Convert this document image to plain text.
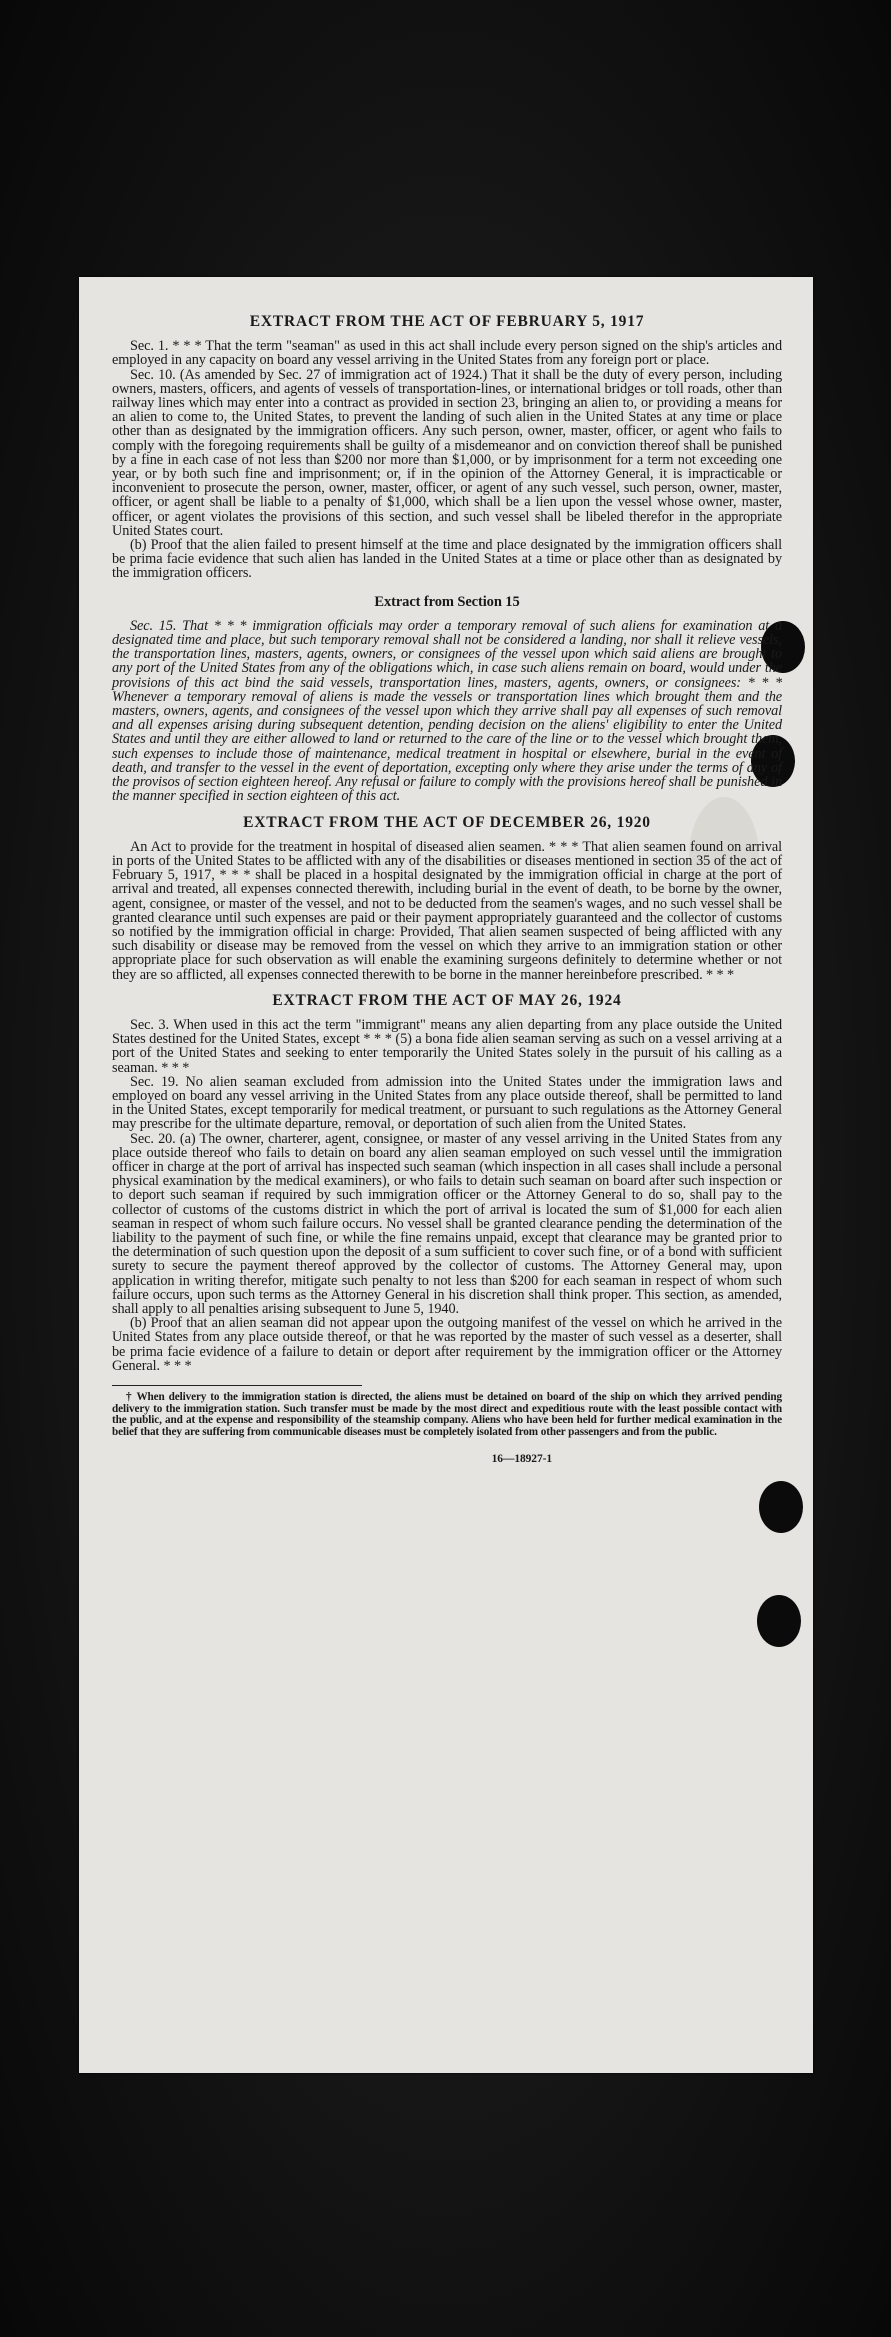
EXTRACT FROM THE ACT OF FEBRUARY 5, 1917

Sec. 1. * * * That the term "seaman" as used in this act shall include every person signed on the ship's articles and employed in any capacity on board any vessel arriving in the United States from any foreign port or place.

Sec. 10. (As amended by Sec. 27 of immigration act of 1924.) That it shall be the duty of every person, including owners, masters, officers, and agents of vessels of transportation-lines, or international bridges or toll roads, other than railway lines which may enter into a contract as provided in section 23, bringing an alien to, or providing a means for an alien to come to, the United States, to prevent the landing of such alien in the United States at any time or place other than as designated by the immigration officers. Any such person, owner, master, officer, or agent who fails to comply with the foregoing requirements shall be guilty of a misdemeanor and on conviction thereof shall be punished by a fine in each case of not less than $200 nor more than $1,000, or by imprisonment for a term not exceeding one year, or by both such fine and imprisonment; or, if in the opinion of the Attorney General, it is impracticable or inconvenient to prosecute the person, owner, master, officer, or agent of any such vessel, such person, owner, master, officer, or agent shall be liable to a penalty of $1,000, which shall be a lien upon the vessel whose owner, master, officer, or agent violates the provisions of this section, and such vessel shall be libeled therefor in the appropriate United States court.

(b) Proof that the alien failed to present himself at the time and place designated by the immigration officers shall be prima facie evidence that such alien has landed in the United States at a time or place other than as designated by the immigration officers.

Extract from Section 15

Sec. 15. That * * * immigration officials may order a temporary removal of such aliens for examination at a designated time and place, but such temporary removal shall not be considered a landing, nor shall it relieve vessels, the transportation lines, masters, agents, owners, or consignees of the vessel upon which said aliens are brought to any port of the United States from any of the obligations which, in case such aliens remain on board, would under the provisions of this act bind the said vessels, transportation lines, masters, agents, owners, or consignees: * * * Whenever a temporary removal of aliens is made the vessels or transportation lines which brought them and the masters, owners, agents, and consignees of the vessel upon which they arrive shall pay all expenses of such removal and all expenses arising during subsequent detention, pending decision on the aliens' eligibility to enter the United States and until they are either allowed to land or returned to the care of the line or to the vessel which brought them, such expenses to include those of maintenance, medical treatment in hospital or elsewhere, burial in the event of death, and transfer to the vessel in the event of deportation, excepting only where they arise under the terms of any of the provisos of section eighteen hereof. Any refusal or failure to comply with the provisions hereof shall be punished in the manner specified in section eighteen of this act.

EXTRACT FROM THE ACT OF DECEMBER 26, 1920

An Act to provide for the treatment in hospital of diseased alien seamen. * * * That alien seamen found on arrival in ports of the United States to be afflicted with any of the disabilities or diseases mentioned in section 35 of the act of February 5, 1917, * * * shall be placed in a hospital designated by the immigration official in charge at the port of arrival and treated, all expenses connected therewith, including burial in the event of death, to be borne by the owner, agent, consignee, or master of the vessel, and not to be deducted from the seamen's wages, and no such vessel shall be granted clearance until such expenses are paid or their payment appropriately guaranteed and the collector of customs so notified by the immigration official in charge: Provided, That alien seamen suspected of being afflicted with any such disability or disease may be removed from the vessel on which they arrive to an immigration station or other appropriate place for such observation as will enable the examining surgeons definitely to determine whether or not they are so afflicted, all expenses connected therewith to be borne in the manner hereinbefore prescribed. * * *

EXTRACT FROM THE ACT OF MAY 26, 1924

Sec. 3. When used in this act the term "immigrant" means any alien departing from any place outside the United States destined for the United States, except * * * (5) a bona fide alien seaman serving as such on a vessel arriving at a port of the United States and seeking to enter temporarily the United States solely in the pursuit of his calling as a seaman. * * *

Sec. 19. No alien seaman excluded from admission into the United States under the immigration laws and employed on board any vessel arriving in the United States from any place outside thereof, shall be permitted to land in the United States, except temporarily for medical treatment, or pursuant to such regulations as the Attorney General may prescribe for the ultimate departure, removal, or deportation of such alien from the United States.

Sec. 20. (a) The owner, charterer, agent, consignee, or master of any vessel arriving in the United States from any place outside thereof who fails to detain on board any alien seaman employed on such vessel until the immigration officer in charge at the port of arrival has inspected such seaman (which inspection in all cases shall include a personal physical examination by the medical examiners), or who fails to detain such seaman on board after such inspection or to deport such seaman if required by such immigration officer or the Attorney General to do so, shall pay to the collector of customs of the customs district in which the port of arrival is located the sum of $1,000 for each alien seaman in respect of whom such failure occurs. No vessel shall be granted clearance pending the determination of the liability to the payment of such fine, or while the fine remains unpaid, except that clearance may be granted prior to the determination of such question upon the deposit of a sum sufficient to cover such fine, or of a bond with sufficient surety to secure the payment thereof approved by the collector of customs. The Attorney General may, upon application in writing therefor, mitigate such penalty to not less than $200 for each seaman in respect of whom such failure occurs, upon such terms as the Attorney General in his discretion shall think proper. This section, as amended, shall apply to all penalties arising subsequent to June 5, 1940.

(b) Proof that an alien seaman did not appear upon the outgoing manifest of the vessel on which he arrived in the United States from any place outside thereof, or that he was reported by the master of such vessel as a deserter, shall be prima facie evidence of a failure to detain or deport after requirement by the immigration officer or the Attorney General. * * *

† When delivery to the immigration station is directed, the aliens must be detained on board of the ship on which they arrived pending delivery to the immigration station. Such transfer must be made by the most direct and expeditious route with the least possible contact with the public, and at the expense and responsibility of the steamship company. Aliens who have been held for further medical examination in the belief that they are suffering from communicable diseases must be completely isolated from other passengers and from the public.

16—18927-1
